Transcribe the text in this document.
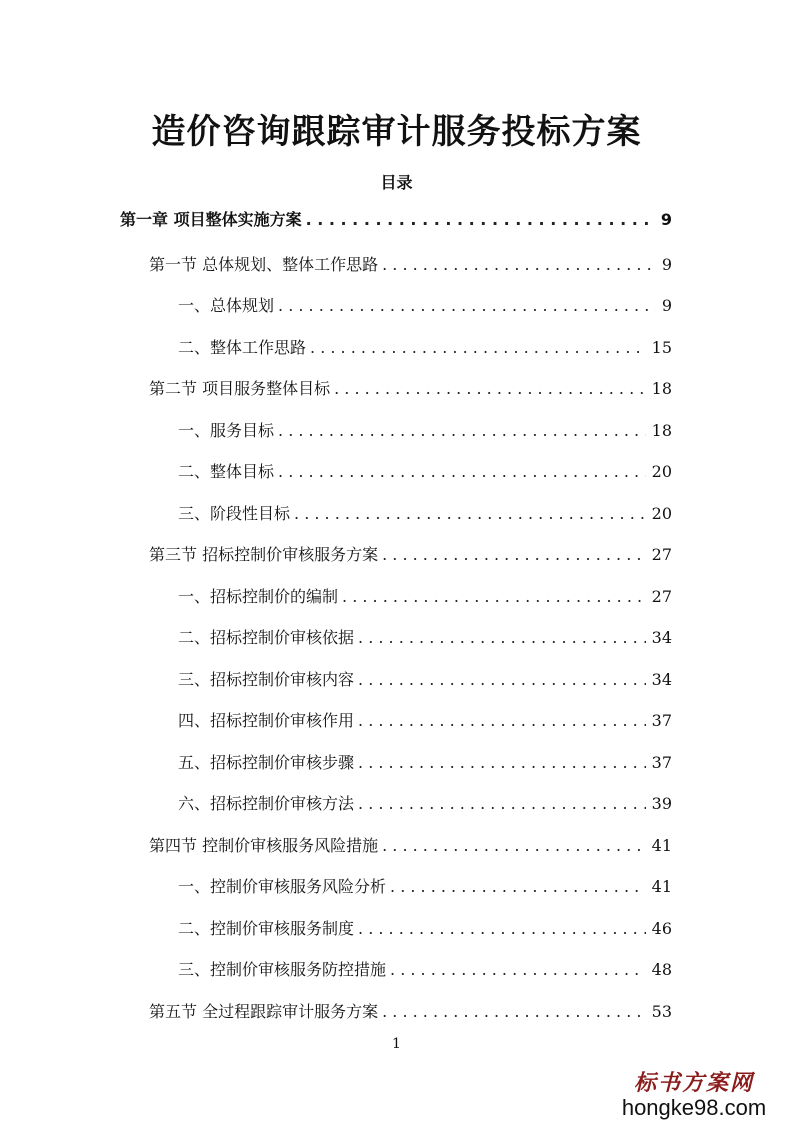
造价咨询跟踪审计服务投标方案
目录
第一章 项目整体实施方案 . . .	9
第一节 总体规划、整体工作思路 . . .	9
一、总体规划 . . .	9
二、整体工作思路 . . .	15
第二节 项目服务整体目标 . . .	18
一、服务目标 . . .	18
二、整体目标 . . .	20
三、阶段性目标 . . .	20
第三节 招标控制价审核服务方案 . . .	27
一、招标控制价的编制 . . .	27
二、招标控制价审核依据 . . .	34
三、招标控制价审核内容 . . .	34
四、招标控制价审核作用 . . .	37
五、招标控制价审核步骤 . . .	37
六、招标控制价审核方法 . . .	39
第四节 控制价审核服务风险措施 . . .	41
一、控制价审核服务风险分析 . . .	41
二、控制价审核服务制度 . . .	46
三、控制价审核服务防控措施 . . .	48
第五节 全过程跟踪审计服务方案 . . .	53
1
标书方案网
hongke98.com
